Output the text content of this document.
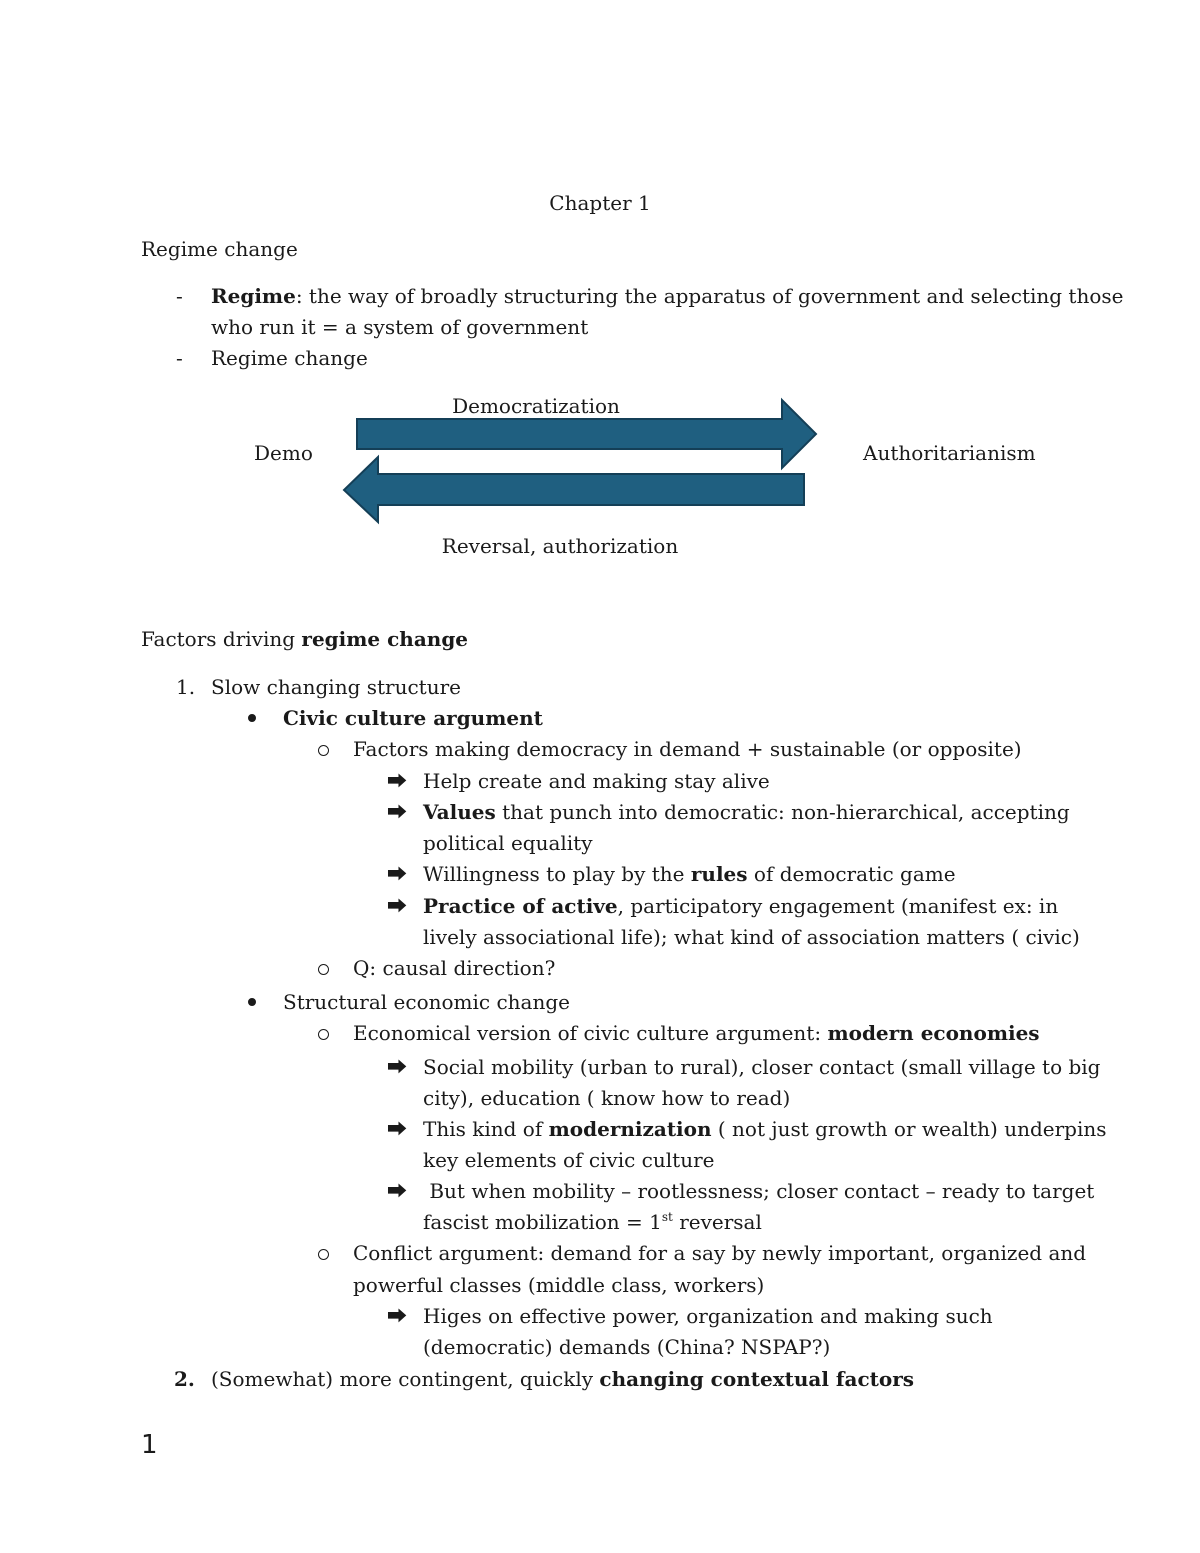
Chapter 1
Regime change
- Regime: the way of broadly structuring the apparatus of government and selecting those
who run it = a system of government
- Regime change
Democratization
Demo	Authoritarianism
Reversal, authorization
Factors driving regime change
1. Slow changing structure
Civic culture argument
Factors making democracy in demand + sustainable (or opposite)
⮕ Help create and making stay alive
⮕ Values that punch into democratic: non-hierarchical, accepting
political equality
⮕ Willingness to play by the rules of democratic game
⮕ Practice of active, participatory engagement (manifest ex: in
lively associational life); what kind of association matters ( civic)
Q: causal direction?
Structural economic change
Economical version of civic culture argument: modern economies
⮕ Social mobility (urban to rural), closer contact (small village to big
city), education ( know how to read)
⮕ This kind of modernization ( not just growth or wealth) underpins
key elements of civic culture
⮕ But when mobility – rootlessness; closer contact – ready to target
fascist mobilization = 1st reversal
Conflict argument: demand for a say by newly important, organized and
powerful classes (middle class, workers)
⮕ Higes on effective power, organization and making such
(democratic) demands (China? NSPAP?)
2. (Somewhat) more contingent, quickly changing contextual factors
1
